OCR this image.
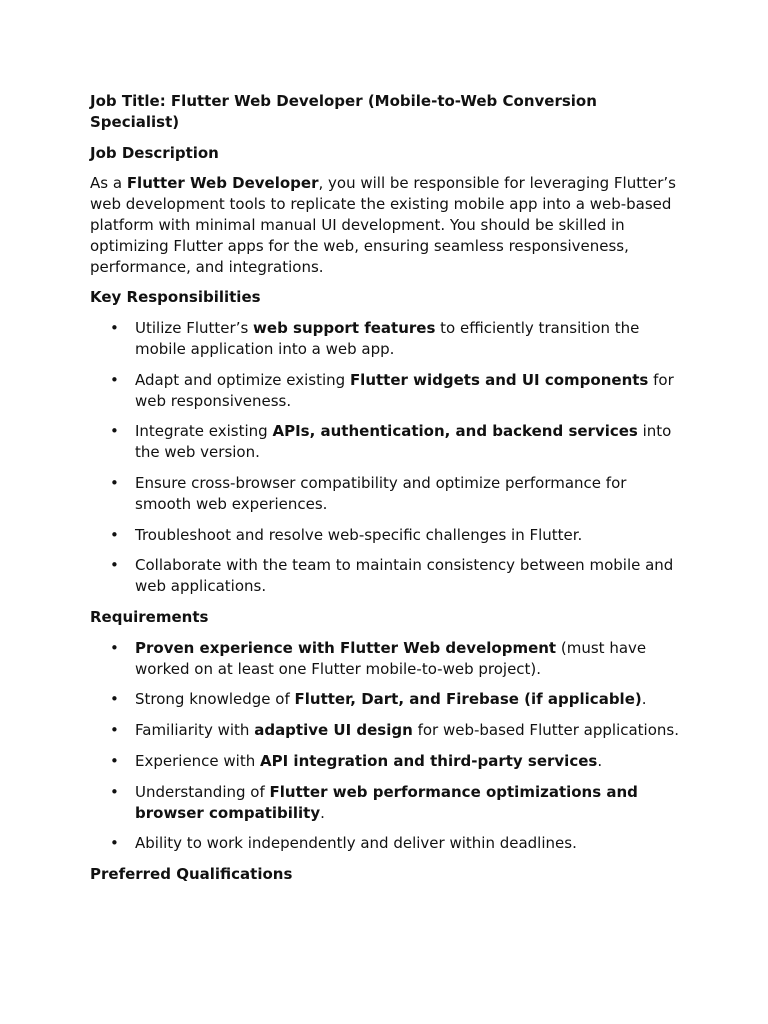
Job Title: Flutter Web Developer (Mobile-to-Web Conversion Specialist)
Job Description
As a Flutter Web Developer, you will be responsible for leveraging Flutter’s web development tools to replicate the existing mobile app into a web-based platform with minimal manual UI development. You should be skilled in optimizing Flutter apps for the web, ensuring seamless responsiveness, performance, and integrations.
Key Responsibilities
• Utilize Flutter’s web support features to efficiently transition the mobile application into a web app.
• Adapt and optimize existing Flutter widgets and UI components for web responsiveness.
• Integrate existing APIs, authentication, and backend services into the web version.
• Ensure cross-browser compatibility and optimize performance for smooth web experiences.
• Troubleshoot and resolve web-specific challenges in Flutter.
• Collaborate with the team to maintain consistency between mobile and web applications.
Requirements
• Proven experience with Flutter Web development (must have worked on at least one Flutter mobile-to-web project).
• Strong knowledge of Flutter, Dart, and Firebase (if applicable).
• Familiarity with adaptive UI design for web-based Flutter applications.
• Experience with API integration and third-party services.
• Understanding of Flutter web performance optimizations and browser compatibility.
• Ability to work independently and deliver within deadlines.
Preferred Qualifications
